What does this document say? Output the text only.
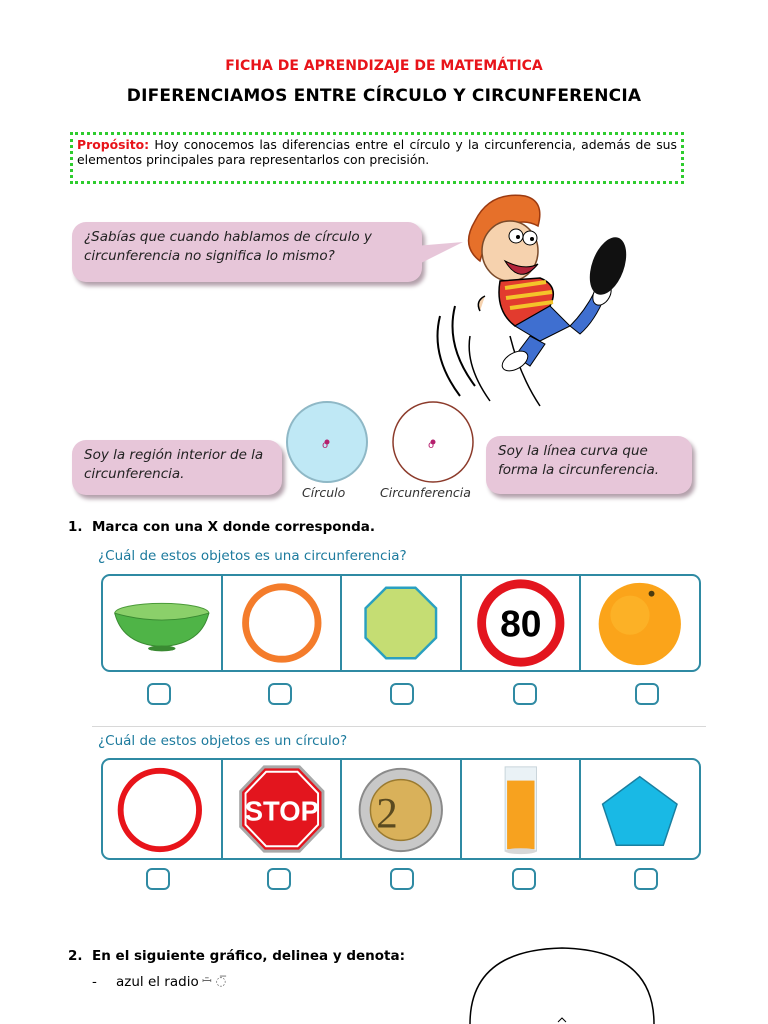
FICHA DE APRENDIZAJE DE MATEMÁTICA
DIFERENCIAMOS ENTRE CÍRCULO Y CIRCUNFERENCIA
Propósito: Hoy conocemos las diferencias entre el círculo y la circunferencia, además de sus elementos principales para representarlos con precisión.
¿Sabías que cuando hablamos de círculo y circunferencia no significa lo mismo?
o	o
Soy la región interior de la circunferencia.
Soy la línea curva que forma la circunferencia.
Círculo	Circunferencia
1. Marca con una X donde corresponda.
¿Cuál de estos objetos es una circunferencia?
80
¿Cuál de estos objetos es un círculo?
STOP 2
2. En el siguiente gráfico, delinea y denota:
- azul el radio ꟷ̄ ◌̅
